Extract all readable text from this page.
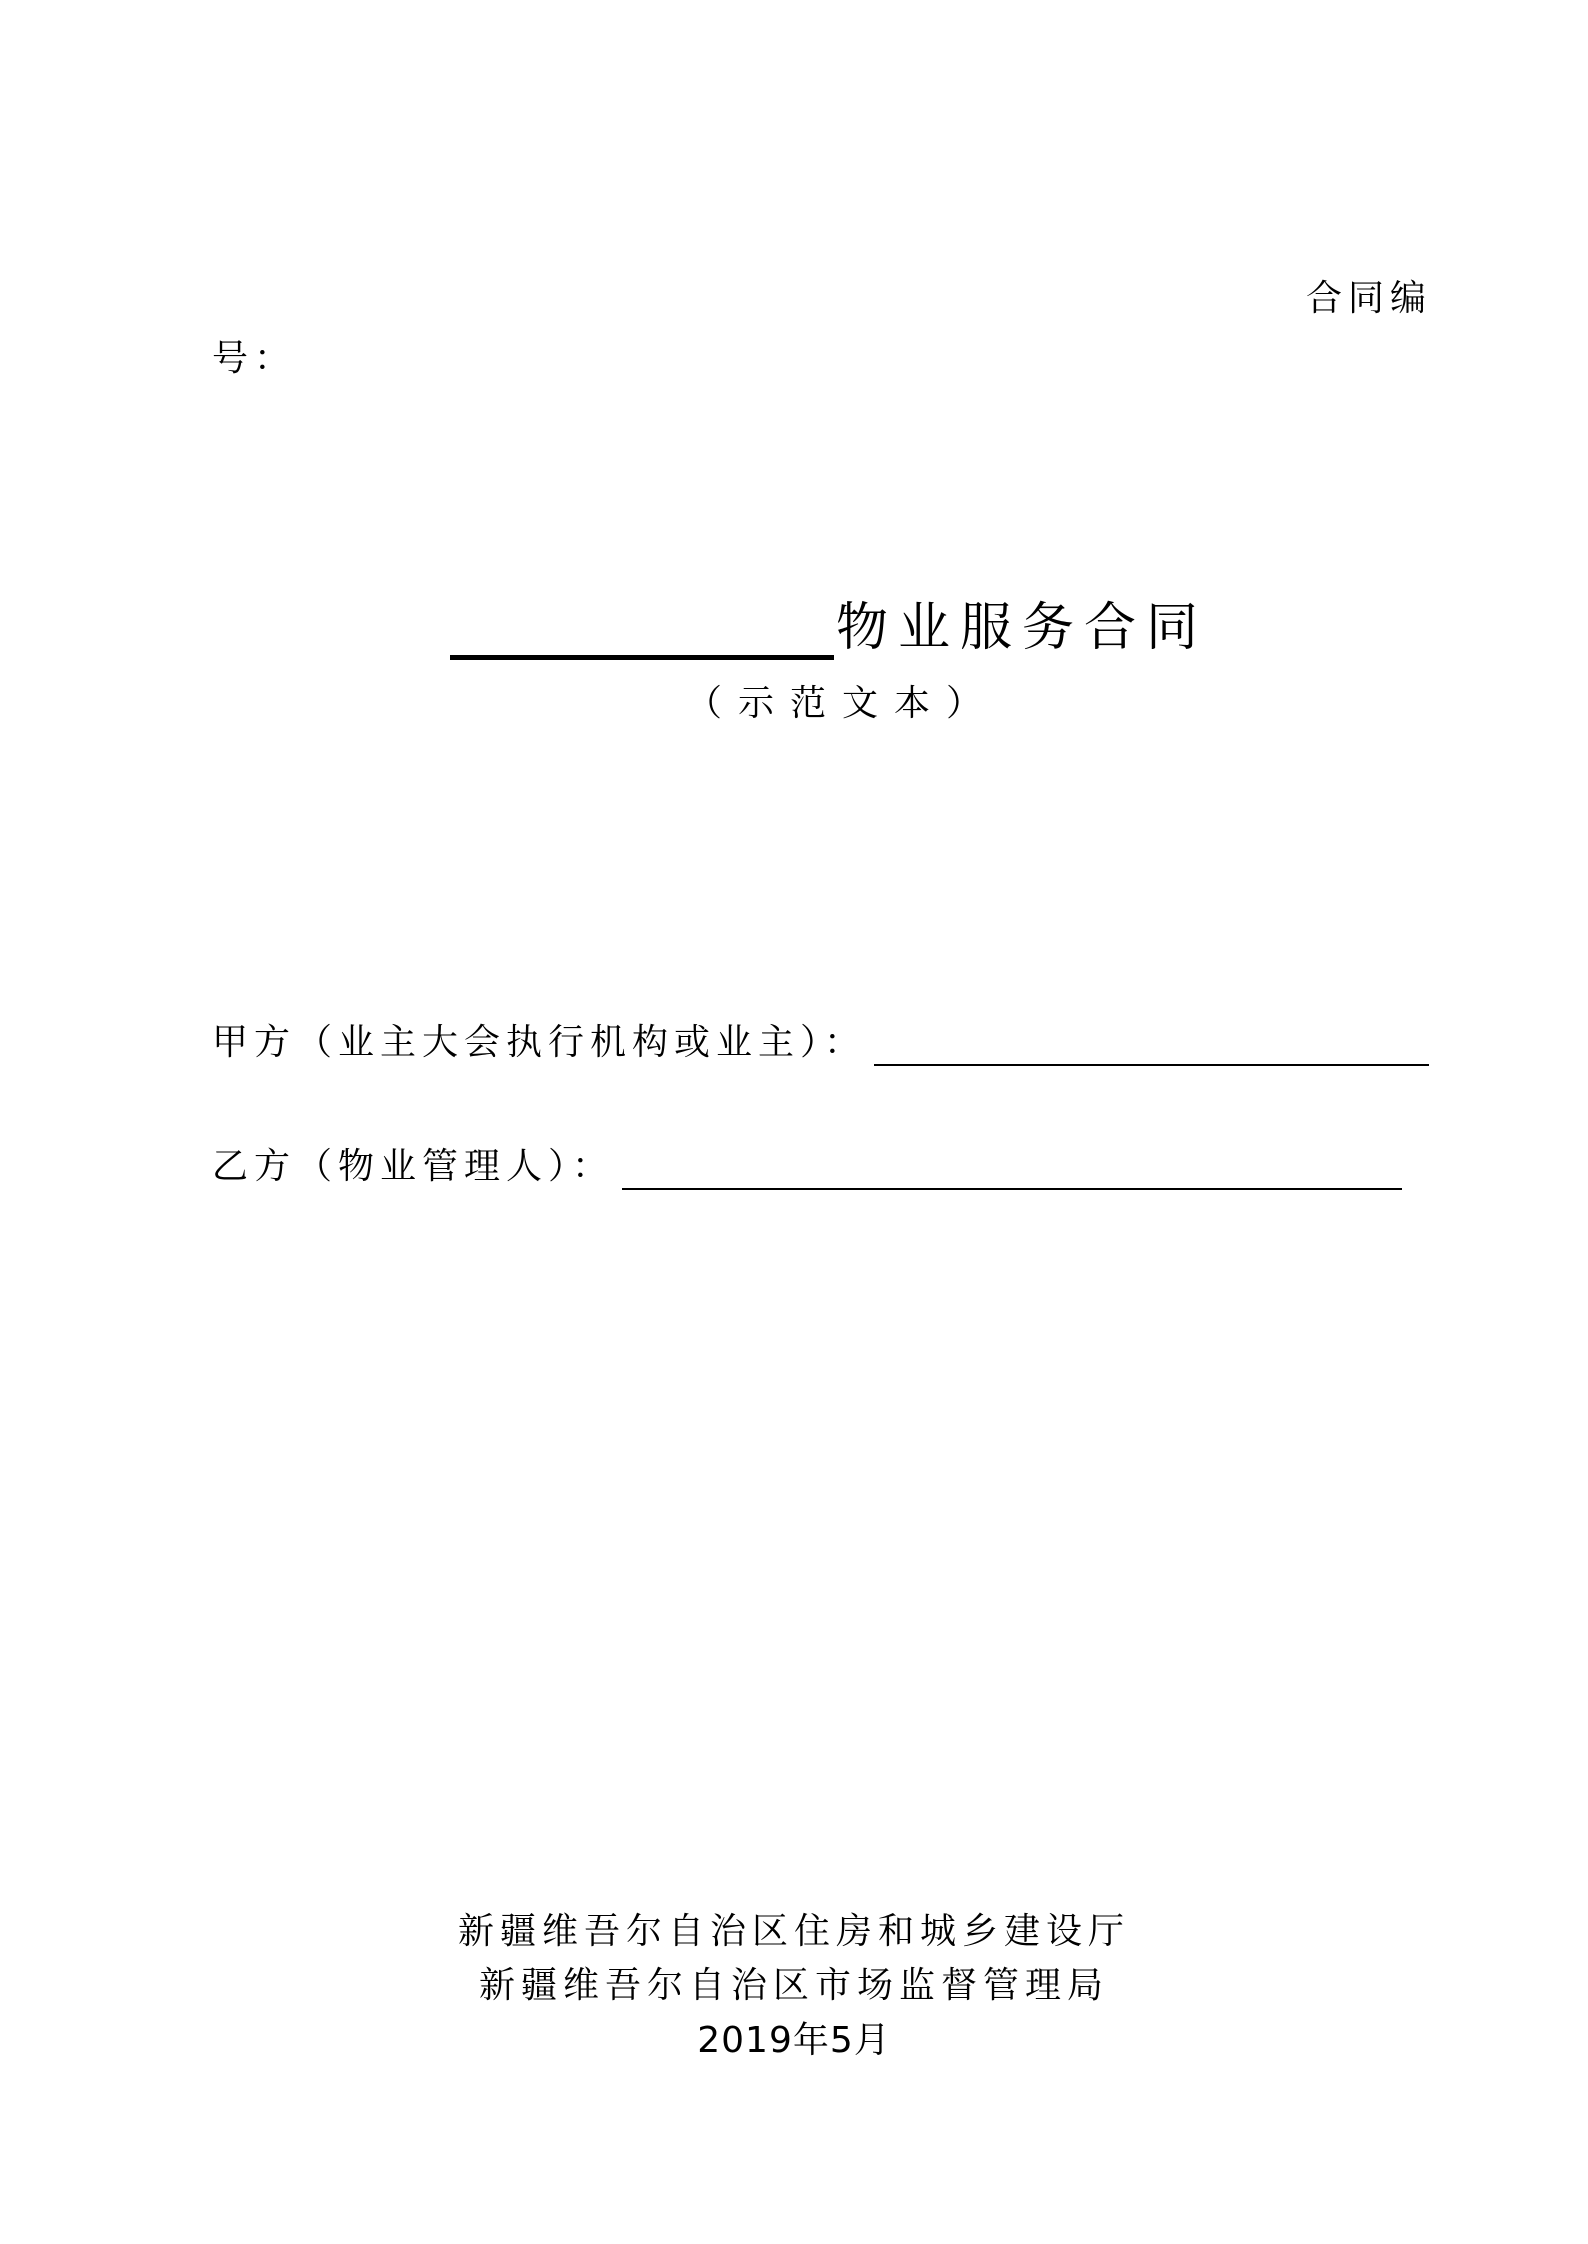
合同编
号：
物业服务合同
（示范文本）
甲方（业主大会执行机构或业主）：
乙方（物业管理人）：
新疆维吾尔自治区住房和城乡建设厅
新疆维吾尔自治区市场监督管理局
2019年5月
